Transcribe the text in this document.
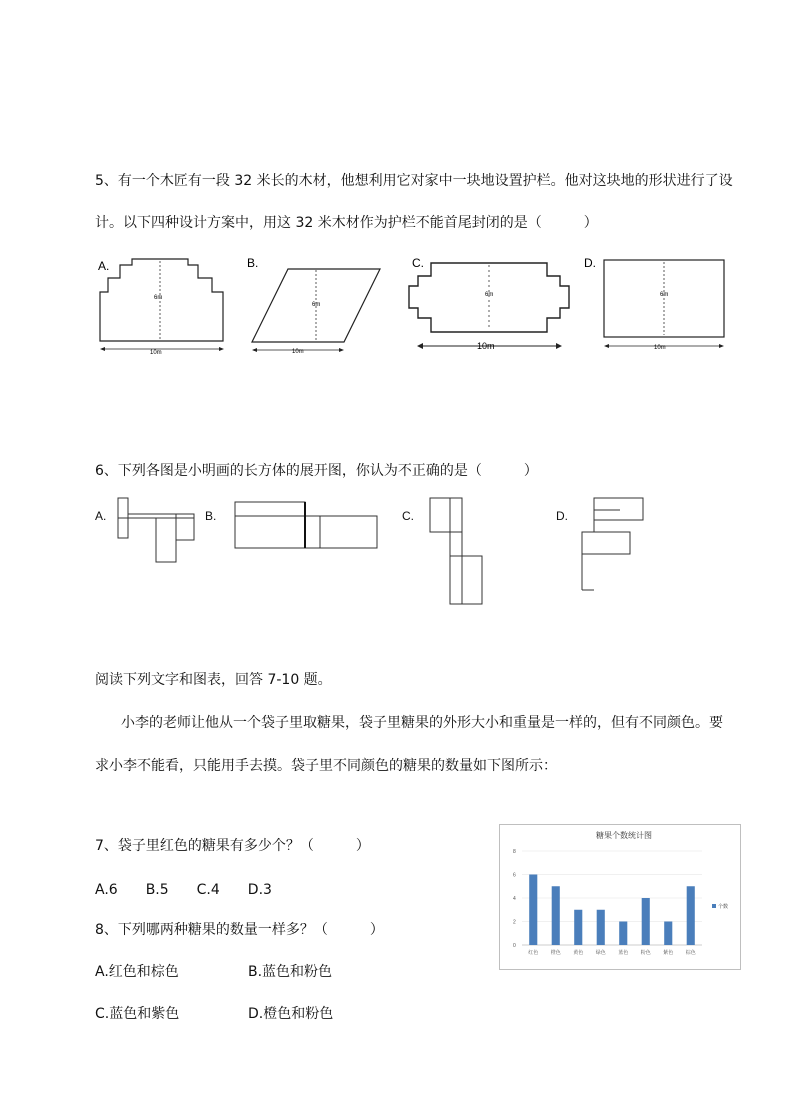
5、有一个木匠有一段 32 米长的木材，他想利用它对家中一块地设置护栏。他对这块地的形状进行了设
计。以下四种设计方案中，用这 32 米木材作为护栏不能首尾封闭的是（　　　）
A.
6m
10m
B.
6m
10m
C.
6m
10m
D.
6m
10m
6、下列各图是小明画的长方体的展开图，你认为不正确的是（　　　）
A.	B.	C.	D.
阅读下列文字和图表，回答 7-10 题。
小李的老师让他从一个袋子里取糖果，袋子里糖果的外形大小和重量是一样的，但有不同颜色。要
求小李不能看，只能用手去摸。袋子里不同颜色的糖果的数量如下图所示：
7、袋子里红色的糖果有多少个？（　　　）
A.6　　B.5　　C.4　　D.3
8、下列哪两种糖果的数量一样多？（　　　）
A.红色和棕色	B.蓝色和粉色
C.蓝色和紫色	D.橙色和粉色
糖果个数统计图
红色 橙色 黄色 绿色 蓝色 粉色 紫色 棕色
0
2
4
6
8
个数
